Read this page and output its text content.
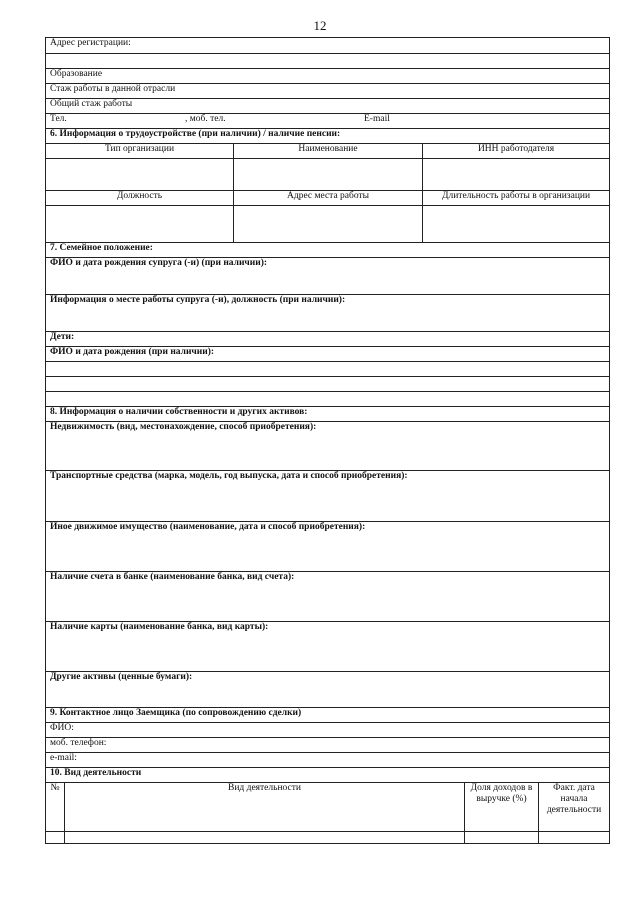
12
Адрес регистрации:					

Образование					
Стаж работы в данной отрасли					
Общий стаж работы					

Тел. , моб. тел. E-mail					

6. Информация о трудоустройстве (при наличии) / наличие пенсии:					
Тип организации		Наименование	ИНН работодателя		

Должность		Адрес места работы	Длительность работы в организации		

7. Семейное положение:					
ФИО и дата рождения супруга (-и) (при наличии):					
Информация о месте работы супруга (-и), должность (при наличии):					
Дети:					
ФИО и дата рождения (при наличии):					

8. Информация о наличии собственности и других активов:					
Недвижимость (вид, местонахождение, способ приобретения):					
Транспортные средства (марка, модель, год выпуска, дата и способ приобретения):					
Иное движимое имущество (наименование, дата и способ приобретения):					
Наличие счета в банке (наименование банка, вид счета):					
Наличие карты (наименование банка, вид карты):					
Другие активы (ценные бумаги):					
9. Контактное лицо Заемщика (по сопровождению сделки)					
ФИО:					
моб. телефон:					
e-mail:					
10. Вид деятельности					
№	Вид деятельности			Доля доходов в выручке (%)	Факт. дата начала деятельности
